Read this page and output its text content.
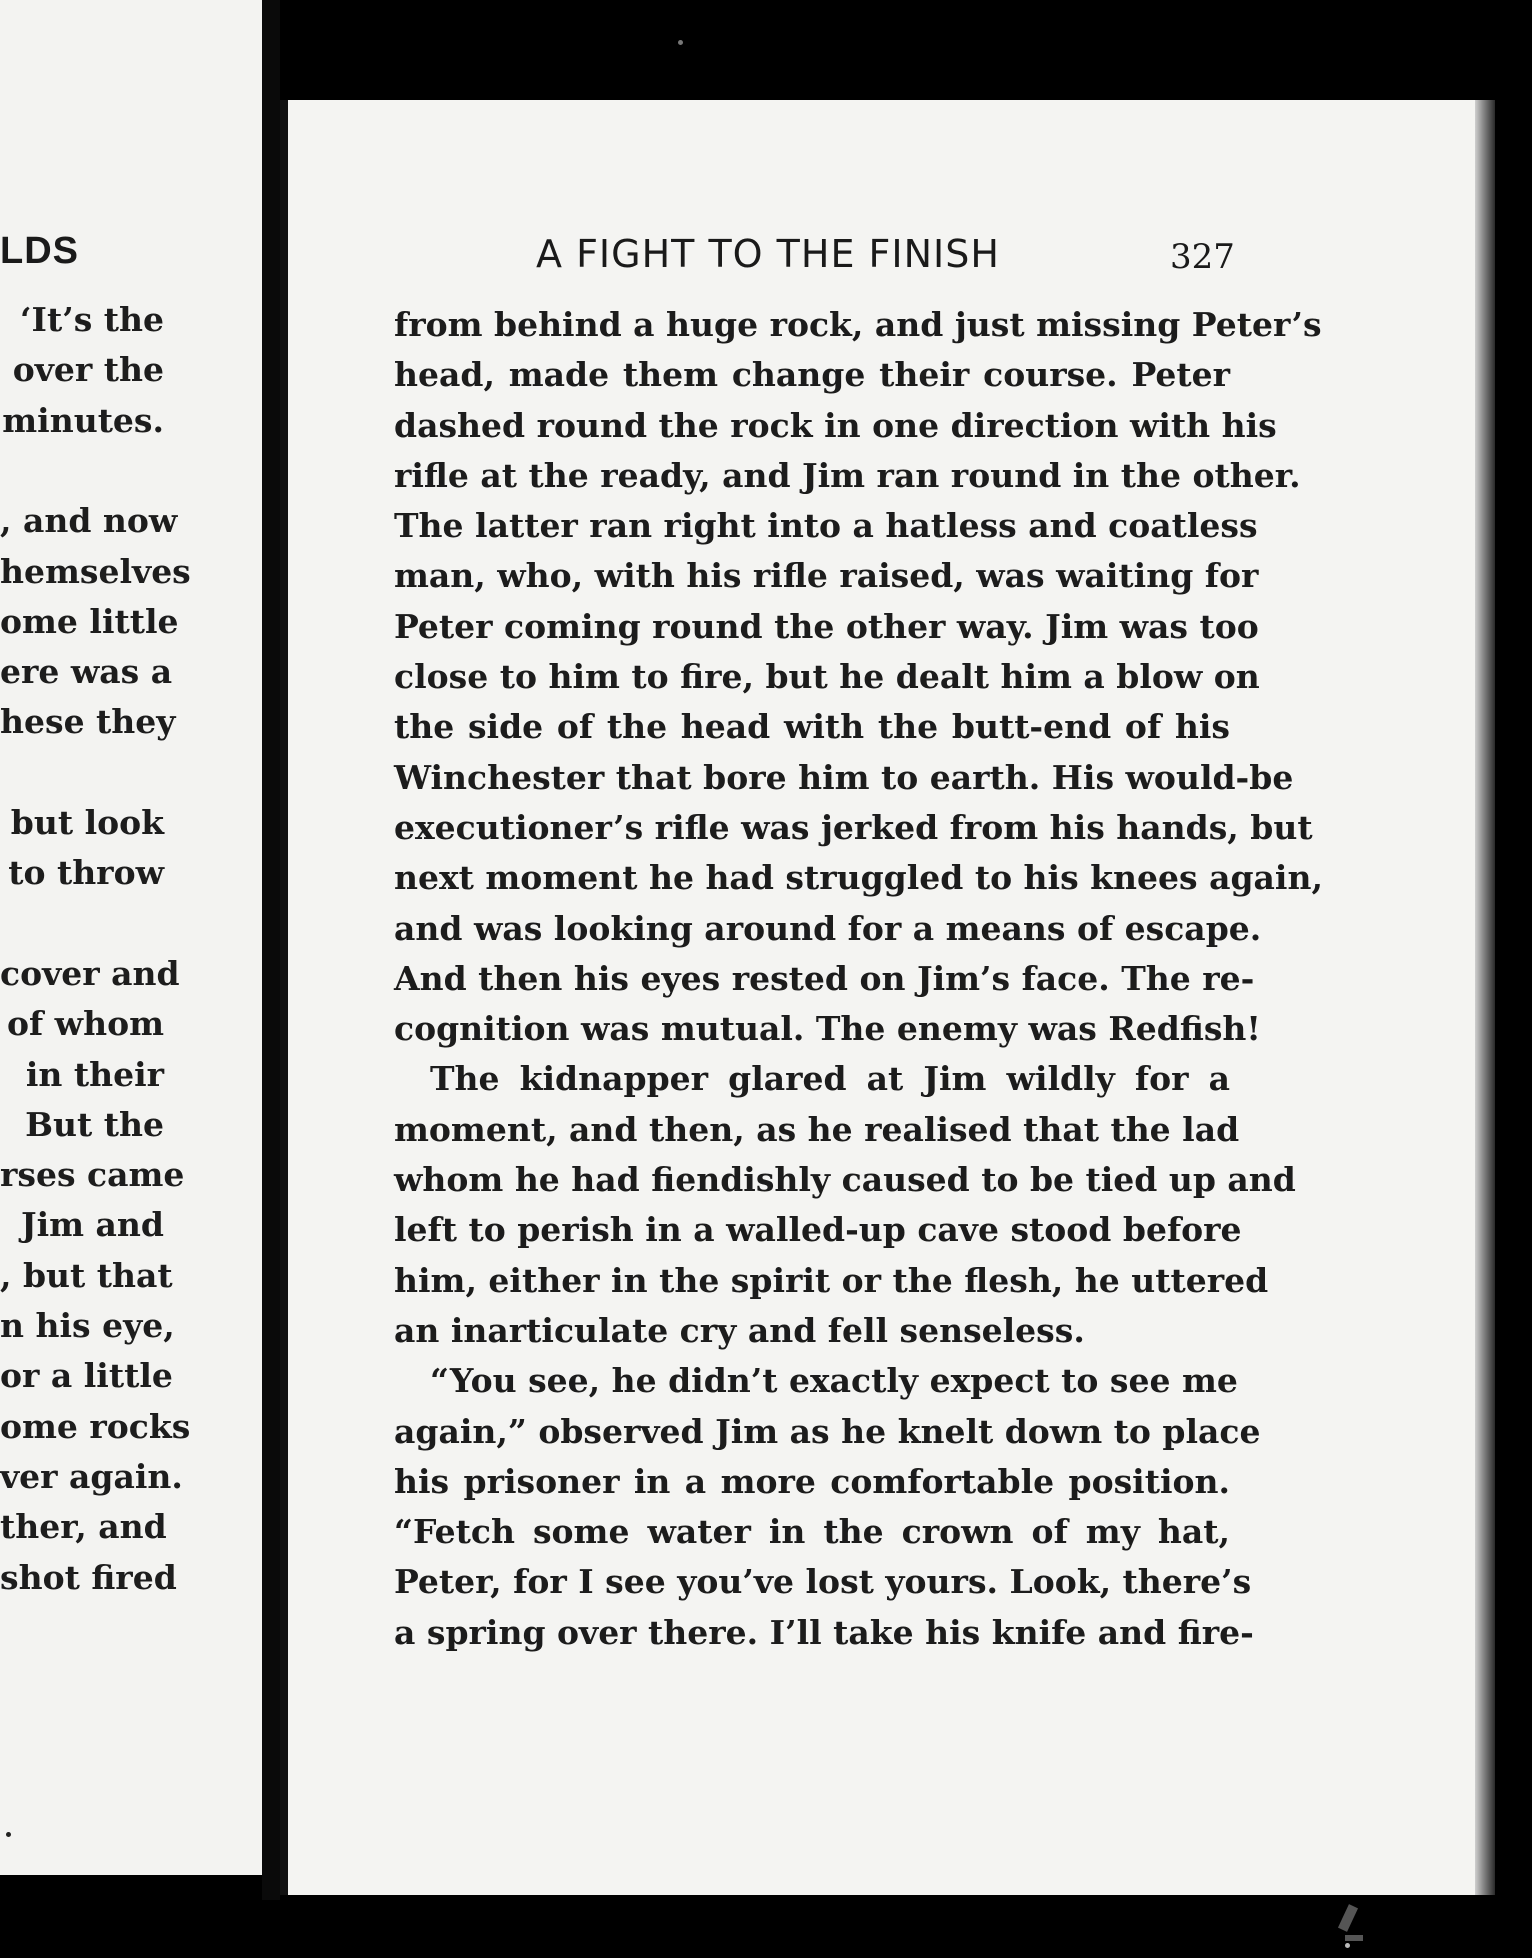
LDS
‘It’s the
over the
minutes.
, and now
hemselves
ome little
ere was a
hese they
but look
to throw
cover and
of whom
in their
But the
rses came
Jim and
, but that
n his eye,
or a little
ome rocks
ver again.
ther, and
shot fired
A FIGHT TO THE FINISH	327
from behind a huge rock, and just missing Peter’s
head, made them change their course. Peter
dashed round the rock in one direction with his
rifle at the ready, and Jim ran round in the other.
The latter ran right into a hatless and coatless
man, who, with his rifle raised, was waiting for
Peter coming round the other way. Jim was too
close to him to fire, but he dealt him a blow on
the side of the head with the butt-end of his
Winchester that bore him to earth. His would-be
executioner’s rifle was jerked from his hands, but
next moment he had struggled to his knees again,
and was looking around for a means of escape.
And then his eyes rested on Jim’s face. The re-
cognition was mutual. The enemy was Redfish!
The kidnapper glared at Jim wildly for a
moment, and then, as he realised that the lad
whom he had fiendishly caused to be tied up and
left to perish in a walled-up cave stood before
him, either in the spirit or the flesh, he uttered
an inarticulate cry and fell senseless.
“You see, he didn’t exactly expect to see me
again,” observed Jim as he knelt down to place
his prisoner in a more comfortable position.
“Fetch some water in the crown of my hat,
Peter, for I see you’ve lost yours. Look, there’s
a spring over there. I’ll take his knife and fire-
